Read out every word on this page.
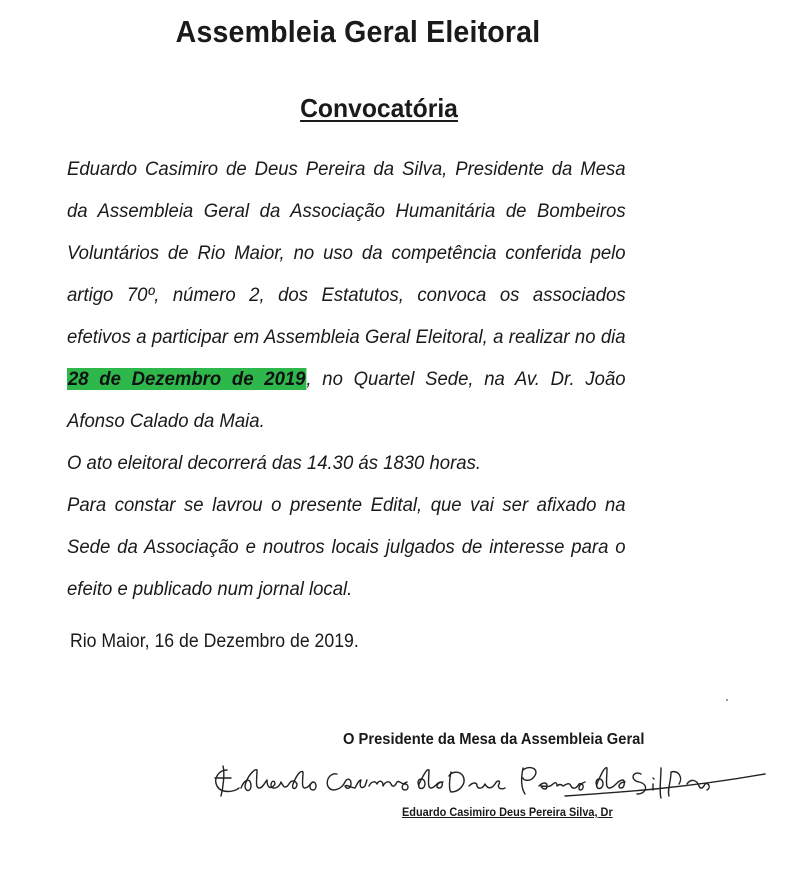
Assembleia Geral Eleitoral
Convocatória

Eduardo Casimiro de Deus Pereira da Silva, Presidente da Mesa da Assembleia Geral da Associação Humanitária de Bombeiros Voluntários de Rio Maior, no uso da competência conferida pelo artigo 70º, número 2, dos Estatutos, convoca os associados efetivos a participar em Assembleia Geral Eleitoral, a realizar no dia 28 de Dezembro de 2019, no Quartel Sede, na Av. Dr. João Afonso Calado da Maia.

O ato eleitoral decorrerá das 14.30 ás 1830 horas.

Para constar se lavrou o presente Edital, que vai ser afixado na Sede da Associação e noutros locais julgados de interesse para o efeito e publicado num jornal local.

Rio Maior, 16 de Dezembro de 2019.
O Presidente da Mesa da Assembleia Geral
Eduardo Casimiro Deus Pereira Silva, Dr
